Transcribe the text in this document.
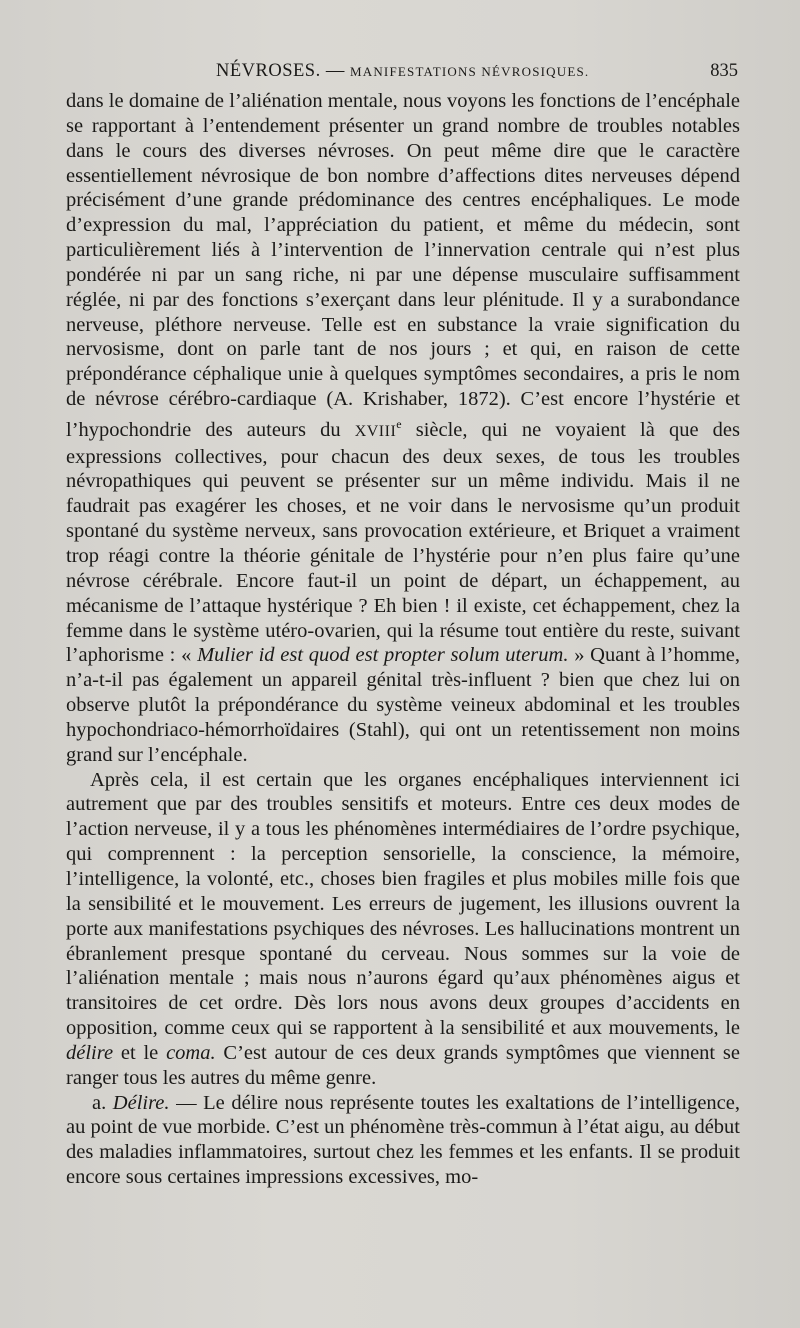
NÉVROSES. — MANIFESTATIONS NÉVROSIQUES.	835

dans le domaine de l’aliénation mentale, nous voyons les fonctions de l’encéphale se rapportant à l’entendement présenter un grand nombre de troubles notables dans le cours des diverses névroses. On peut même dire que le caractère essentiellement névrosique de bon nombre d’affections dites nerveuses dépend précisément d’une grande prédominance des centres encéphaliques. Le mode d’expression du mal, l’appréciation du patient, et même du médecin, sont particulièrement liés à l’intervention de l’innervation centrale qui n’est plus pondérée ni par un sang riche, ni par une dépense musculaire suffisamment réglée, ni par des fonctions s’exerçant dans leur plénitude. Il y a surabondance nerveuse, pléthore nerveuse. Telle est en substance la vraie signification du nervosisme, dont on parle tant de nos jours ; et qui, en raison de cette prépondérance céphalique unie à quelques symptômes secondaires, a pris le nom de névrose cérébro-cardiaque (A. Krishaber, 1872). C’est encore l’hystérie et l’hypochondrie des auteurs du XVIIIe siècle, qui ne voyaient là que des expressions collectives, pour chacun des deux sexes, de tous les troubles névropathiques qui peuvent se présenter sur un même individu. Mais il ne faudrait pas exagérer les choses, et ne voir dans le nervosisme qu’un produit spontané du système nerveux, sans provocation extérieure, et Briquet a vraiment trop réagi contre la théorie génitale de l’hystérie pour n’en plus faire qu’une névrose cérébrale. Encore faut-il un point de départ, un échappement, au mécanisme de l’attaque hystérique ? Eh bien ! il existe, cet échappement, chez la femme dans le système utéro-ovarien, qui la résume tout entière du reste, suivant l’aphorisme : « Mulier id est quod est propter solum uterum. » Quant à l’homme, n’a-t-il pas également un appareil génital très-influent ? bien que chez lui on observe plutôt la prépondérance du système veineux abdominal et les troubles hypochondriaco-hémorrhoïdaires (Stahl), qui ont un retentissement non moins grand sur l’encéphale.

Après cela, il est certain que les organes encéphaliques interviennent ici autrement que par des troubles sensitifs et moteurs. Entre ces deux modes de l’action nerveuse, il y a tous les phénomènes intermédiaires de l’ordre psychique, qui comprennent : la perception sensorielle, la conscience, la mémoire, l’intelligence, la volonté, etc., choses bien fragiles et plus mobiles mille fois que la sensibilité et le mouvement. Les erreurs de jugement, les illusions ouvrent la porte aux manifestations psychiques des névroses. Les hallucinations montrent un ébranlement presque spontané du cerveau. Nous sommes sur la voie de l’aliénation mentale ; mais nous n’aurons égard qu’aux phénomènes aigus et transitoires de cet ordre. Dès lors nous avons deux groupes d’accidents en opposition, comme ceux qui se rapportent à la sensibilité et aux mouvements, le délire et le coma. C’est autour de ces deux grands symptômes que viennent se ranger tous les autres du même genre.

a. Délire. — Le délire nous représente toutes les exaltations de l’intelligence, au point de vue morbide. C’est un phénomène très-commun à l’état aigu, au début des maladies inflammatoires, surtout chez les femmes et les enfants. Il se produit encore sous certaines impressions excessives, mo-
